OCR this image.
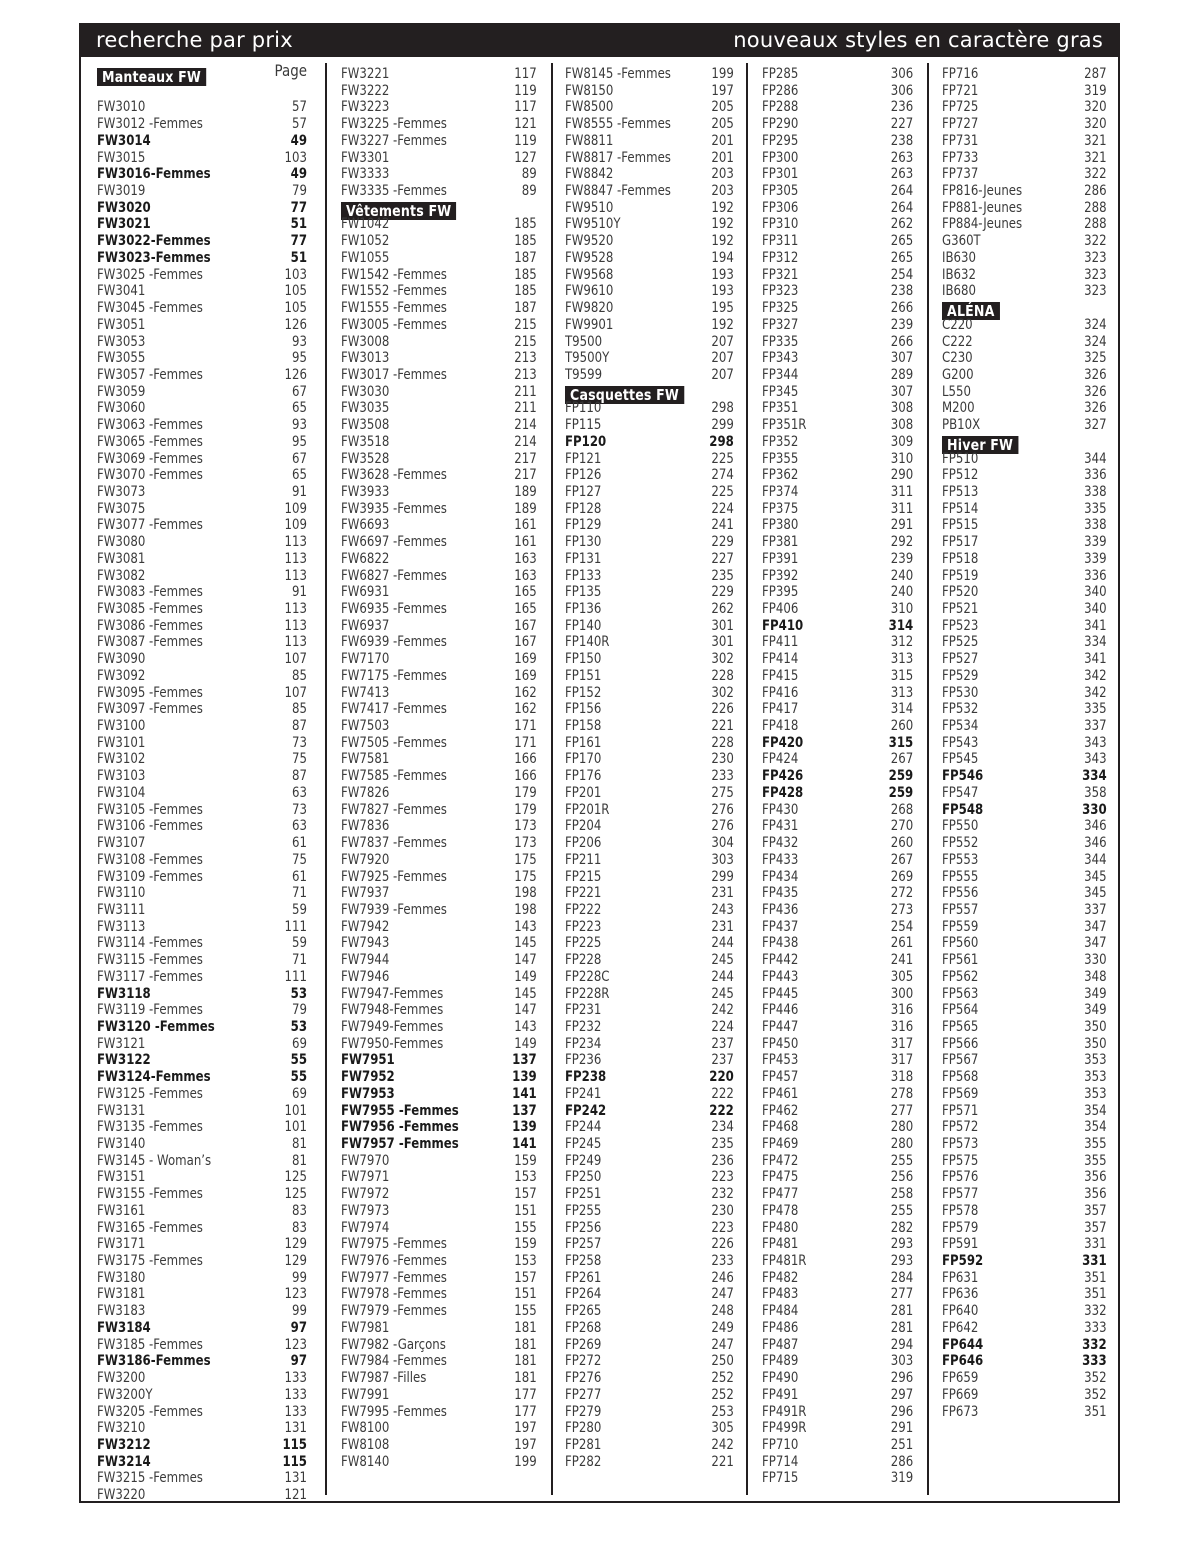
recherche par prix	nouveaux styles en caractère gras
Manteaux FW	Page
FW3010	57
FW3012 -Femmes	57
FW3014	49
FW3015	103
FW3016-Femmes	49
FW3019	79
FW3020	77
FW3021	51
FW3022-Femmes	77
FW3023-Femmes	51
FW3025 -Femmes	103
FW3041	105
FW3045 -Femmes	105
FW3051	126
FW3053	93
FW3055	95
FW3057 -Femmes	126
FW3059	67
FW3060	65
FW3063 -Femmes	93
FW3065 -Femmes	95
FW3069 -Femmes	67
FW3070 -Femmes	65
FW3073	91
FW3075	109
FW3077 -Femmes	109
FW3080	113
FW3081	113
FW3082	113
FW3083 -Femmes	91
FW3085 -Femmes	113
FW3086 -Femmes	113
FW3087 -Femmes	113
FW3090	107
FW3092	85
FW3095 -Femmes	107
FW3097 -Femmes	85
FW3100	87
FW3101	73
FW3102	75
FW3103	87
FW3104	63
FW3105 -Femmes	73
FW3106 -Femmes	63
FW3107	61
FW3108 -Femmes	75
FW3109 -Femmes	61
FW3110	71
FW3111	59
FW3113	111
FW3114 -Femmes	59
FW3115 -Femmes	71
FW3117 -Femmes	111
FW3118	53
FW3119 -Femmes	79
FW3120 -Femmes	53
FW3121	69
FW3122	55
FW3124-Femmes	55
FW3125 -Femmes	69
FW3131	101
FW3135 -Femmes	101
FW3140	81
FW3145 - Woman’s	81
FW3151	125
FW3155 -Femmes	125
FW3161	83
FW3165 -Femmes	83
FW3171	129
FW3175 -Femmes	129
FW3180	99
FW3181	123
FW3183	99
FW3184	97
FW3185 -Femmes	123
FW3186-Femmes	97
FW3200	133
FW3200Y	133
FW3205 -Femmes	133
FW3210	131
FW3212	115
FW3214	115
FW3215 -Femmes	131
FW3220	121
FW3221	117
FW3222	119
FW3223	117
FW3225 -Femmes	121
FW3227 -Femmes	119
FW3301	127
FW3333	89
FW3335 -Femmes	89
Vêtements FW
FW1042	185
FW1052	185
FW1055	187
FW1542 -Femmes	185
FW1552 -Femmes	185
FW1555 -Femmes	187
FW3005 -Femmes	215
FW3008	215
FW3013	213
FW3017 -Femmes	213
FW3030	211
FW3035	211
FW3508	214
FW3518	214
FW3528	217
FW3628 -Femmes	217
FW3933	189
FW3935 -Femmes	189
FW6693	161
FW6697 -Femmes	161
FW6822	163
FW6827 -Femmes	163
FW6931	165
FW6935 -Femmes	165
FW6937	167
FW6939 -Femmes	167
FW7170	169
FW7175 -Femmes	169
FW7413	162
FW7417 -Femmes	162
FW7503	171
FW7505 -Femmes	171
FW7581	166
FW7585 -Femmes	166
FW7826	179
FW7827 -Femmes	179
FW7836	173
FW7837 -Femmes	173
FW7920	175
FW7925 -Femmes	175
FW7937	198
FW7939 -Femmes	198
FW7942	143
FW7943	145
FW7944	147
FW7946	149
FW7947-Femmes	145
FW7948-Femmes	147
FW7949-Femmes	143
FW7950-Femmes	149
FW7951	137
FW7952	139
FW7953	141
FW7955 -Femmes	137
FW7956 -Femmes	139
FW7957 -Femmes	141
FW7970	159
FW7971	153
FW7972	157
FW7973	151
FW7974	155
FW7975 -Femmes	159
FW7976 -Femmes	153
FW7977 -Femmes	157
FW7978 -Femmes	151
FW7979 -Femmes	155
FW7981	181
FW7982 -Garçons	181
FW7984 -Femmes	181
FW7987 -Filles	181
FW7991	177
FW7995 -Femmes	177
FW8100	197
FW8108	197
FW8140	199
FW8145 -Femmes	199
FW8150	197
FW8500	205
FW8555 -Femmes	205
FW8811	201
FW8817 -Femmes	201
FW8842	203
FW8847 -Femmes	203
FW9510	192
FW9510Y	192
FW9520	192
FW9528	194
FW9568	193
FW9610	193
FW9820	195
FW9901	192
T9500	207
T9500Y	207
T9599	207
Casquettes FW
FP110	298
FP115	299
FP120	298
FP121	225
FP126	274
FP127	225
FP128	224
FP129	241
FP130	229
FP131	227
FP133	235
FP135	229
FP136	262
FP140	301
FP140R	301
FP150	302
FP151	228
FP152	302
FP156	226
FP158	221
FP161	228
FP170	230
FP176	233
FP201	275
FP201R	276
FP204	276
FP206	304
FP211	303
FP215	299
FP221	231
FP222	243
FP223	231
FP225	244
FP228	245
FP228C	244
FP228R	245
FP231	242
FP232	224
FP234	237
FP236	237
FP238	220
FP241	222
FP242	222
FP244	234
FP245	235
FP249	236
FP250	223
FP251	232
FP255	230
FP256	223
FP257	226
FP258	233
FP261	246
FP264	247
FP265	248
FP268	249
FP269	247
FP272	250
FP276	252
FP277	252
FP279	253
FP280	305
FP281	242
FP282	221
FP285	306
FP286	306
FP288	236
FP290	227
FP295	238
FP300	263
FP301	263
FP305	264
FP306	264
FP310	262
FP311	265
FP312	265
FP321	254
FP323	238
FP325	266
FP327	239
FP335	266
FP343	307
FP344	289
FP345	307
FP351	308
FP351R	308
FP352	309
FP355	310
FP362	290
FP374	311
FP375	311
FP380	291
FP381	292
FP391	239
FP392	240
FP395	240
FP406	310
FP410	314
FP411	312
FP414	313
FP415	315
FP416	313
FP417	314
FP418	260
FP420	315
FP424	267
FP426	259
FP428	259
FP430	268
FP431	270
FP432	260
FP433	267
FP434	269
FP435	272
FP436	273
FP437	254
FP438	261
FP442	241
FP443	305
FP445	300
FP446	316
FP447	316
FP450	317
FP453	317
FP457	318
FP461	278
FP462	277
FP468	280
FP469	280
FP472	255
FP475	256
FP477	258
FP478	255
FP480	282
FP481	293
FP481R	293
FP482	284
FP483	277
FP484	281
FP486	281
FP487	294
FP489	303
FP490	296
FP491	297
FP491R	296
FP499R	291
FP710	251
FP714	286
FP715	319
FP716	287
FP721	319
FP725	320
FP727	320
FP731	321
FP733	321
FP737	322
FP816-Jeunes	286
FP881-Jeunes	288
FP884-Jeunes	288
G360T	322
IB630	323
IB632	323
IB680	323
ALÉNA
C220	324
C222	324
C230	325
G200	326
L550	326
M200	326
PB10X	327
Hiver FW
FP510	344
FP512	336
FP513	338
FP514	335
FP515	338
FP517	339
FP518	339
FP519	336
FP520	340
FP521	340
FP523	341
FP525	334
FP527	341
FP529	342
FP530	342
FP532	335
FP534	337
FP543	343
FP545	343
FP546	334
FP547	358
FP548	330
FP550	346
FP552	346
FP553	344
FP555	345
FP556	345
FP557	337
FP559	347
FP560	347
FP561	330
FP562	348
FP563	349
FP564	349
FP565	350
FP566	350
FP567	353
FP568	353
FP569	353
FP571	354
FP572	354
FP573	355
FP575	355
FP576	356
FP577	356
FP578	357
FP579	357
FP591	331
FP592	331
FP631	351
FP636	351
FP640	332
FP642	333
FP644	332
FP646	333
FP659	352
FP669	352
FP673	351
